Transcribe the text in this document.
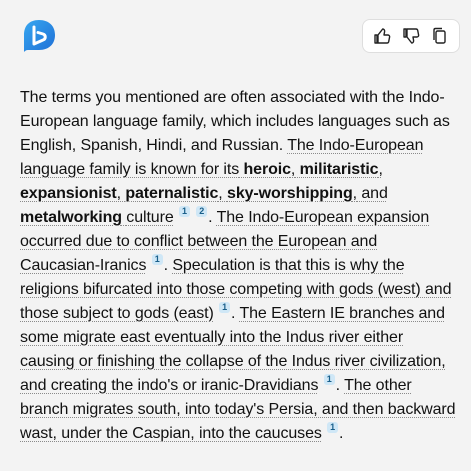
The terms you mentioned are often associated with the Indo-European language family, which includes languages such as English, Spanish, Hindi, and Russian. The Indo-European language family is known for its heroic, militaristic, expansionist, paternalistic, sky-worshipping, and metalworking culture 1 2 . The Indo-European expansion occurred due to conflict between the European and Caucasian-Iranics 1 . Speculation is that this is why the religions bifurcated into those competing with gods (west) and those subject to gods (east) 1 . The Eastern IE branches and some migrate east eventually into the Indus river either causing or finishing the collapse of the Indus river civilization, and creating the indo's or iranic-Dravidians 1 . The other branch migrates south, into today's Persia, and then backward wast, under the Caspian, into the caucuses 1 .
